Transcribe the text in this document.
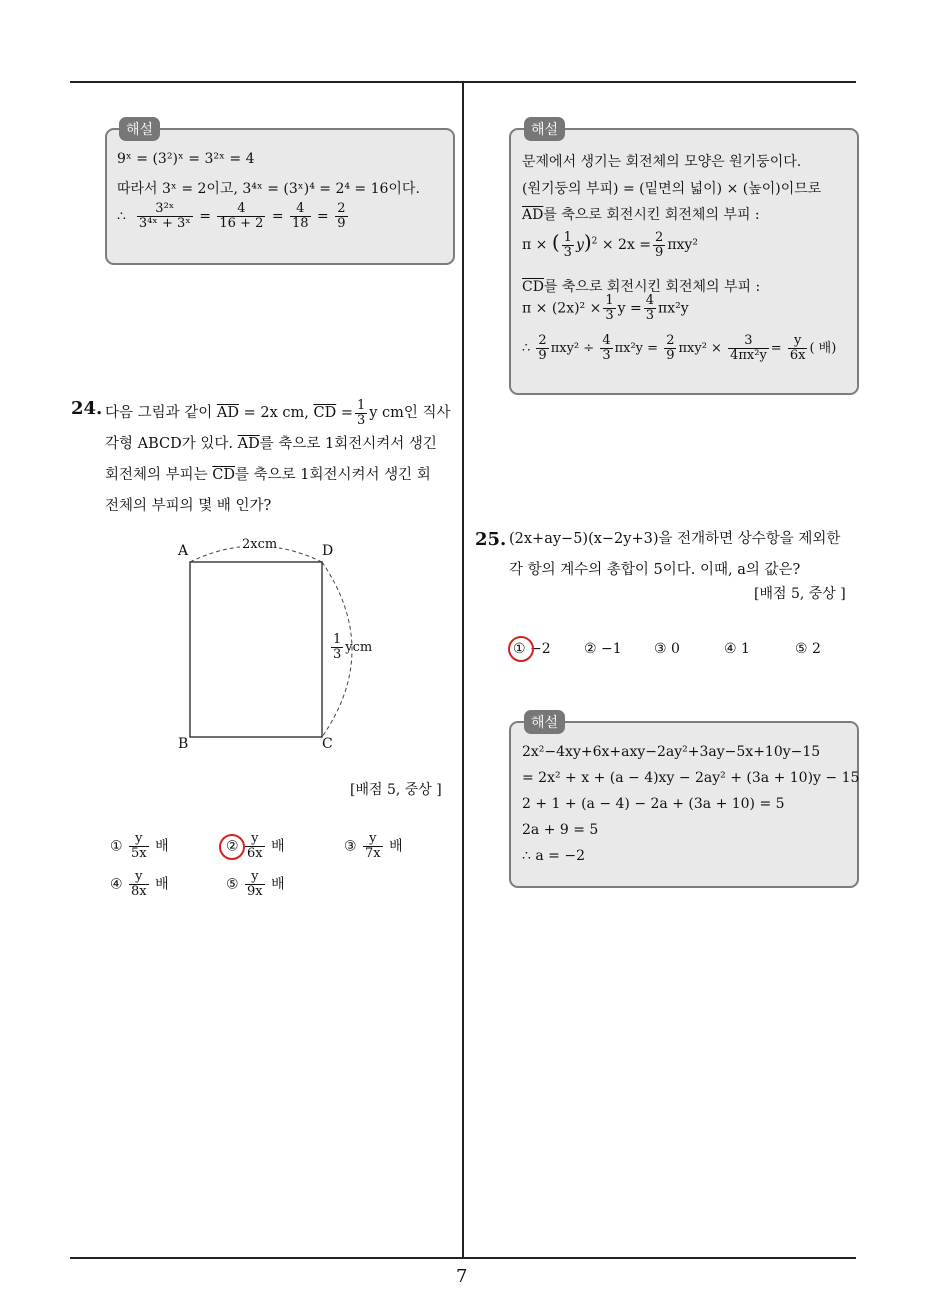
해설
9ˣ = (3²)ˣ = 3²ˣ = 4
따라서 3ˣ = 2이고, 3⁴ˣ = (3ˣ)⁴ = 2⁴ = 16이다.
∴ $\frac{\text{3²ˣ}}{\text{3⁴ˣ + 3ˣ}} = \frac{4}{16 + 2} = \frac{4}{18} = \frac{2}{9}$
24. 다음 그림과 같이 $\overline{AD} = 2x$ cm, $\overline{CD} = \frac{1}{3}$ y cm인 직사
각형 ABCD가 있다. $\overline{AD}$를 축으로 1회전시켜서 생긴
회전체의 부피는 $\overline{CD}$를 축으로 1회전시켜서 생긴 회
전체의 부피의 몇 배 인가?
A	D
B	C
2xcm
$\frac{1}{3}$ ycm
[배점 5, 중상 ]
① $\frac{y}{5x}$ 배	② $\frac{y}{6x}$ 배	③ $\frac{y}{7x}$ 배
④ $\frac{y}{8x}$ 배	⑤ $\frac{y}{9x}$ 배
해설
문제에서 생기는 회전체의 모양은 원기둥이다.
(원기둥의 부피) = (밑면의 넓이) × (높이)이므로
$\overline{AD}$를 축으로 회전시킨 회전체의 부피 :
π × ( $\frac{1}{3} y)^2 \times 2x = \frac{2}{9} \pi xy^2$
$\overline{CD}$를 축으로 회전시킨 회전체의 부피 :
$\pi \times (2x)^2 \times \frac{1}{3}$ $y = \frac{4}{3} \pi x^2y$
∴ $\frac{2}{9} \pi xy^2 \div \frac{4}{3} \pi x^2y = \frac{2}{9} \pi xy^2 \times \frac{3}{\text{4πx²y}} = \frac{y}{6x}$ ( 배)
25. (2x+ay−5)(x−2y+3)을 전개하면 상수항을 제외한
각 항의 계수의 총합이 5이다. 이때, a의 값은?
[배점 5, 중상 ]
① −2 ② −1 ③ 0	④ 1	⑤ 2
해설
2x²−4xy+6x+axy−2ay²+3ay−5x+10y−15
= 2x² + x + (a − 4)xy − 2ay² + (3a + 10)y − 15
2 + 1 + (a − 4) − 2a + (3a + 10) = 5
2a + 9 = 5
∴ a = −2
7
